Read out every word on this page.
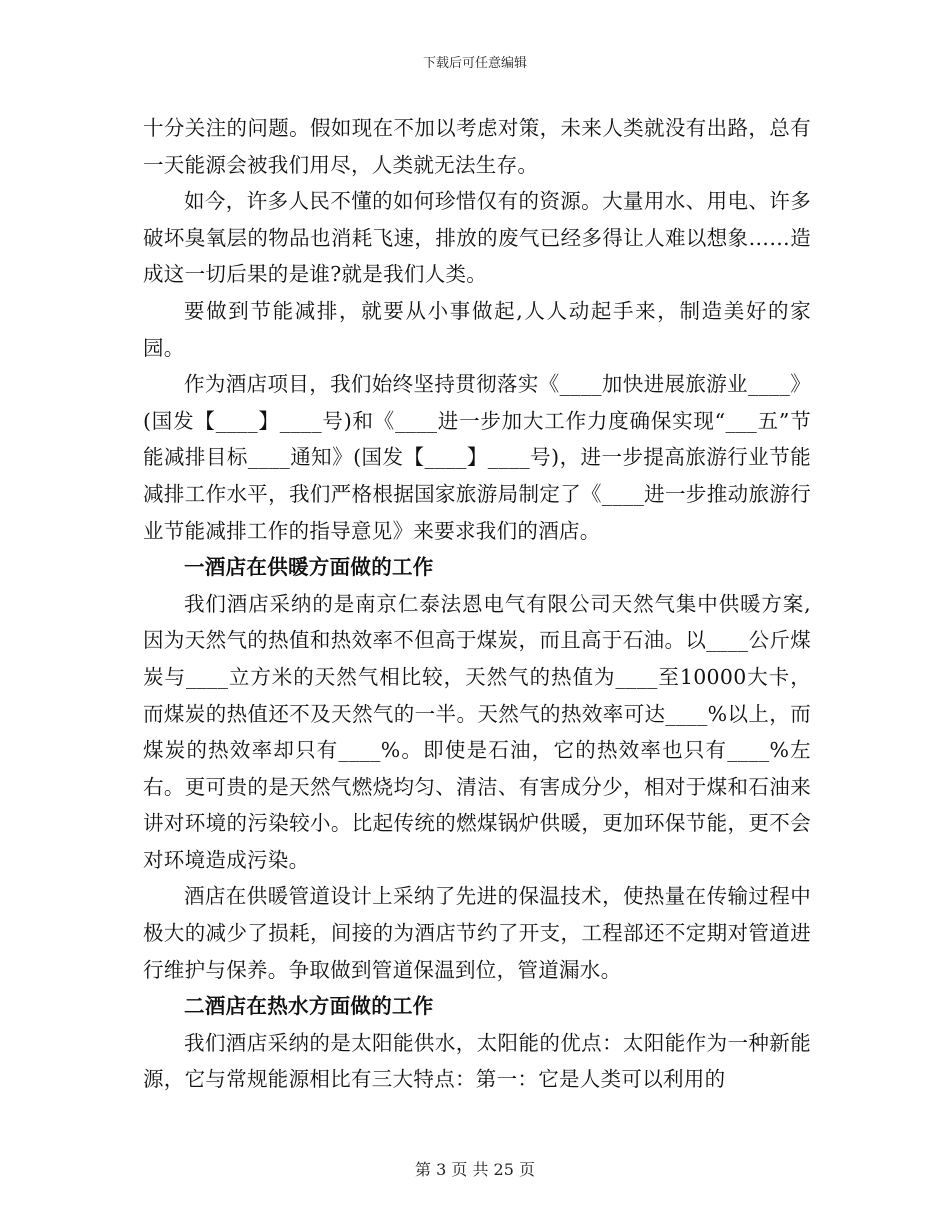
下载后可任意编辑

十分关注的问题。假如现在不加以考虑对策，未来人类就没有出路，总有一天能源会被我们用尽，人类就无法生存。

如今，许多人民不懂的如何珍惜仅有的资源。大量用水、用电、许多破坏臭氧层的物品也消耗飞速，排放的废气已经多得让人难以想象……造成这一切后果的是谁?就是我们人类。

要做到节能减排，就要从小事做起,人人动起手来，制造美好的家园。

作为酒店项目，我们始终坚持贯彻落实《____加快进展旅游业____》(国发【____】____号)和《____进一步加大工作力度确保实现“___五”节能减排目标____通知》(国发【____】____号)，进一步提高旅游行业节能减排工作水平，我们严格根据国家旅游局制定了《____进一步推动旅游行业节能减排工作的指导意见》来要求我们的酒店。

一酒店在供暖方面做的工作

我们酒店采纳的是南京仁泰法恩电气有限公司天然气集中供暖方案,因为天然气的热值和热效率不但高于煤炭，而且高于石油。以____公斤煤炭与____立方米的天然气相比较，天然气的热值为____至10000大卡，而煤炭的热值还不及天然气的一半。天然气的热效率可达____%以上，而煤炭的热效率却只有____%。即使是石油，它的热效率也只有____%左右。更可贵的是天然气燃烧均匀、清洁、有害成分少，相对于煤和石油来讲对环境的污染较小。比起传统的燃煤锅炉供暖，更加环保节能，更不会对环境造成污染。

酒店在供暖管道设计上采纳了先进的保温技术，使热量在传输过程中极大的减少了损耗，间接的为酒店节约了开支，工程部还不定期对管道进行维护与保养。争取做到管道保温到位，管道漏水。

二酒店在热水方面做的工作

我们酒店采纳的是太阳能供水，太阳能的优点：太阳能作为一种新能源，它与常规能源相比有三大特点：第一：它是人类可以利用的

第 3 页 共 25 页
